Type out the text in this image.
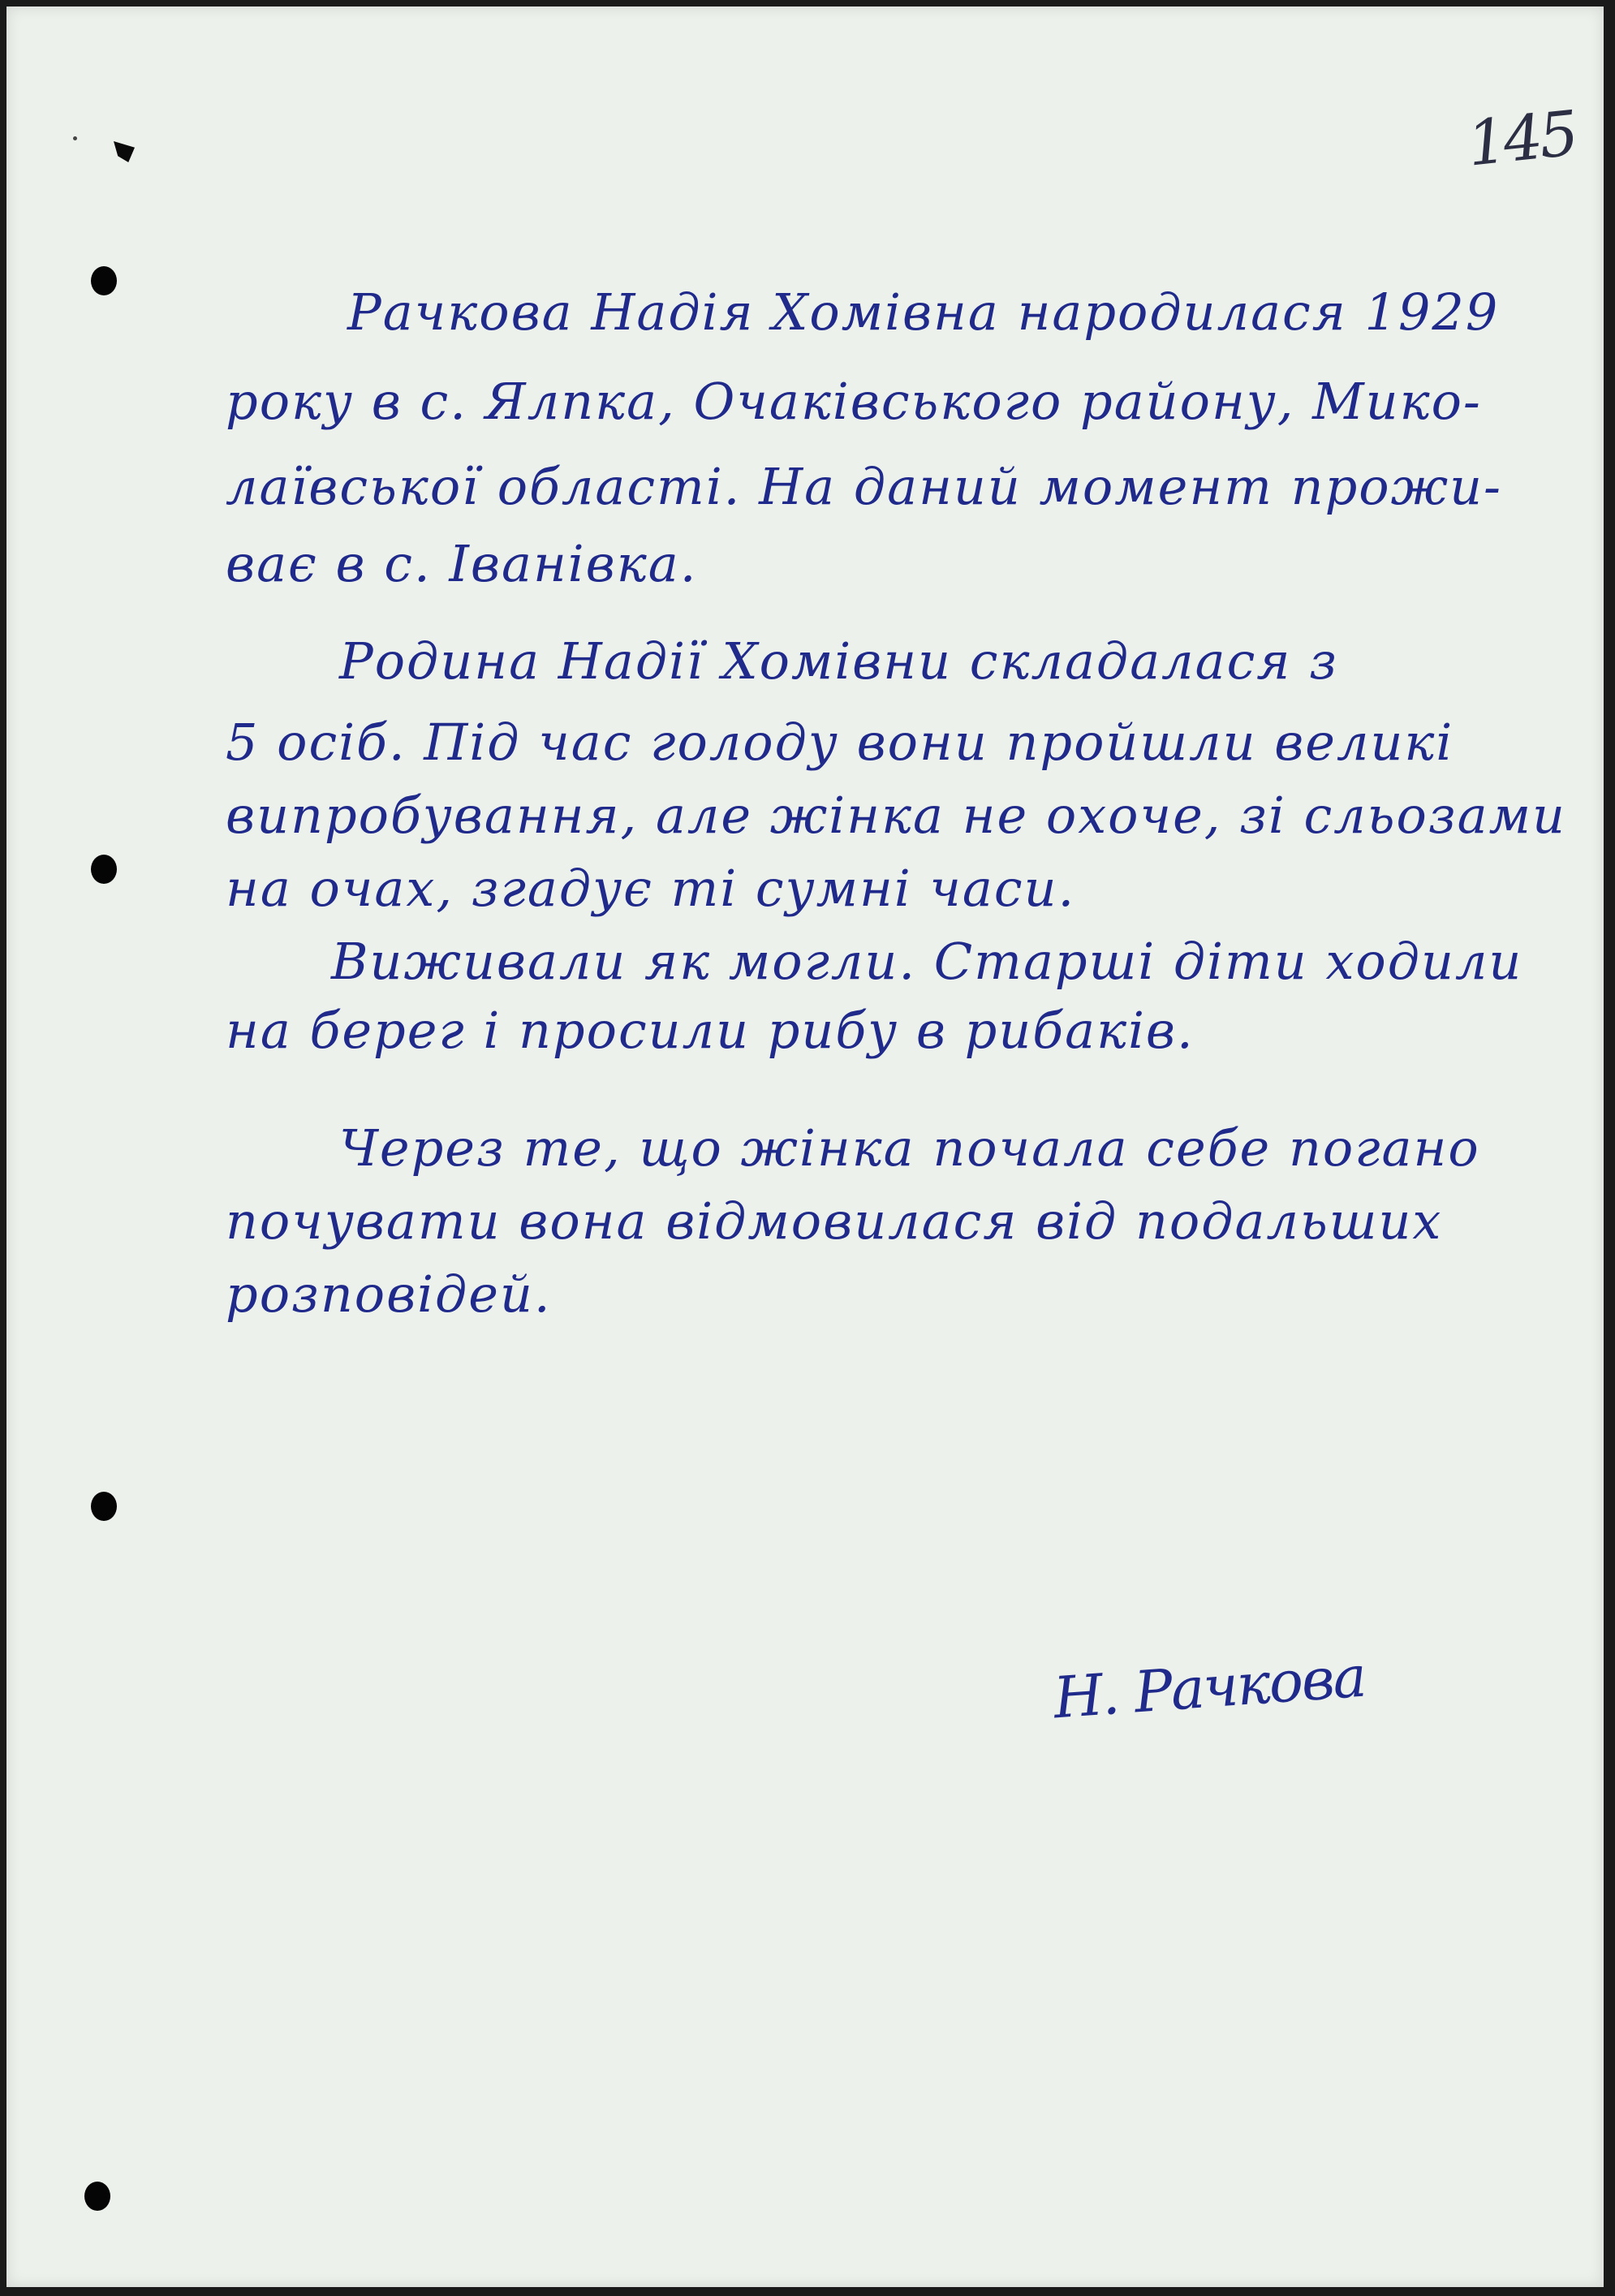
145
Рачкова Надія Хомівна народилася 1929
року в с. Ялпка, Очаківського району, Мико-
лаївської області. На даний момент прожи-
ває в с. Іванівка.
Родина Надії Хомівни складалася з
5 осіб. Під час голоду вони пройшли великі
випробування, але жінка не охоче, зі сльозами
на очах, згадує ті сумні часи.
Виживали як могли. Старші діти ходили
на берег і просили рибу в рибаків.
Через те, що жінка почала себе погано
почувати вона відмовилася від подальших
розповідей.
Н. Рачкова
